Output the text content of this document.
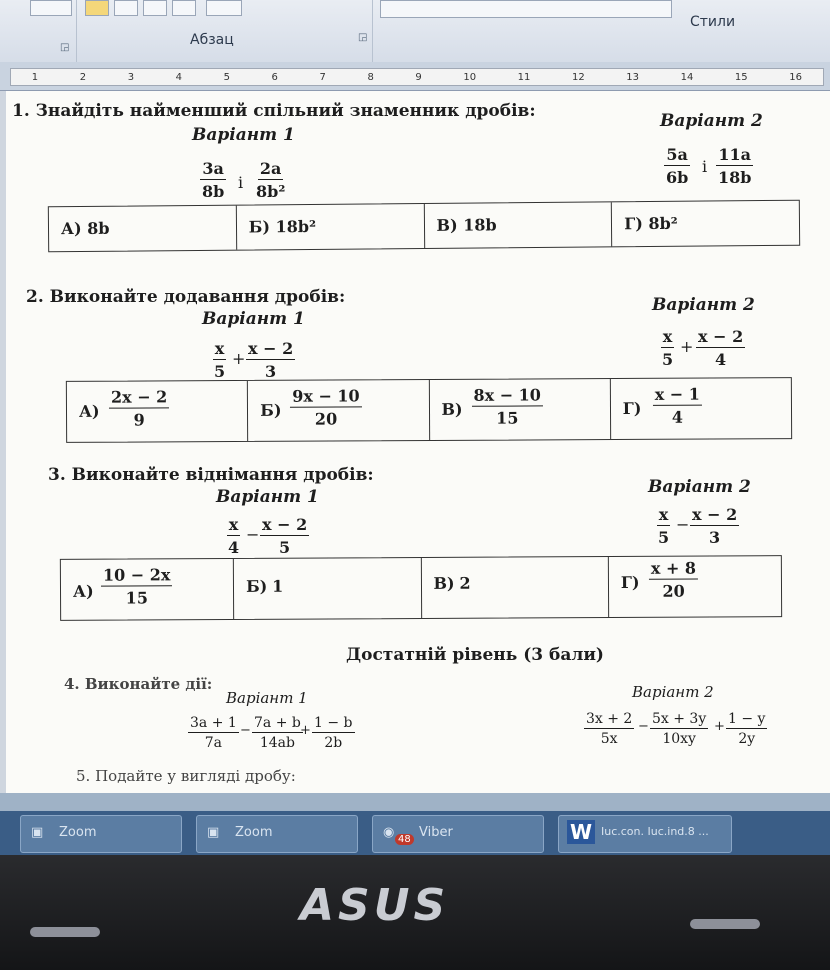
◲	Абзац	◲
Стили
1	2	3	4	5	6	7	8	9	10	11	12	13	14	15	16
1. Знайдіть найменший спільний знаменник дробів:
Варіант 1
Варіант 2
$\frac{3a}{8b}$ і $\frac{2a}{\text{8b²}}$	$\frac{5a}{6b}$ і $\frac{11a}{18b}$
А) 8b	Б) 18b²	В) 18b	Г) 8b²
2. Виконайте додавання дробів:
Варіант 1
Варіант 2
$\frac{x}{5} + \frac{x - 2}{3}$	$\frac{x}{5} + \frac{x - 2}{4}$
$А) \frac{2x - 2}{9}$	$Б) \frac{9x - 10}{20}$	$В) \frac{8x - 10}{15}$	$Г) \frac{x - 1}{4}$
3. Виконайте віднімання дробів:
Варіант 1	Варіант 2
$\frac{x}{4} - \frac{x - 2}{5}$	$\frac{x}{5} - \frac{x - 2}{3}$
$А) \frac{10 - 2x}{15}$	Б) 1	В) 2	$Г) \frac{x + 8}{20}$
Достатній рівень (3 бали)
4. Виконайте дії:
Варіант 1	Варіант 2
$\frac{3a + 1}{7a} - \frac{7a + b}{14ab}$
+ $\frac{1 - b}{2b}$	$\frac{3x + 2}{5x} - \frac{5x + 3y}{10xy} + \frac{1 - y}{2y}$
5. Подайте у вигляді дробу:
▣ Zoom	▣ Zoom	◉ 48 Viber	W Іuc.con. Іuc.ind.8 ...
ASUS
